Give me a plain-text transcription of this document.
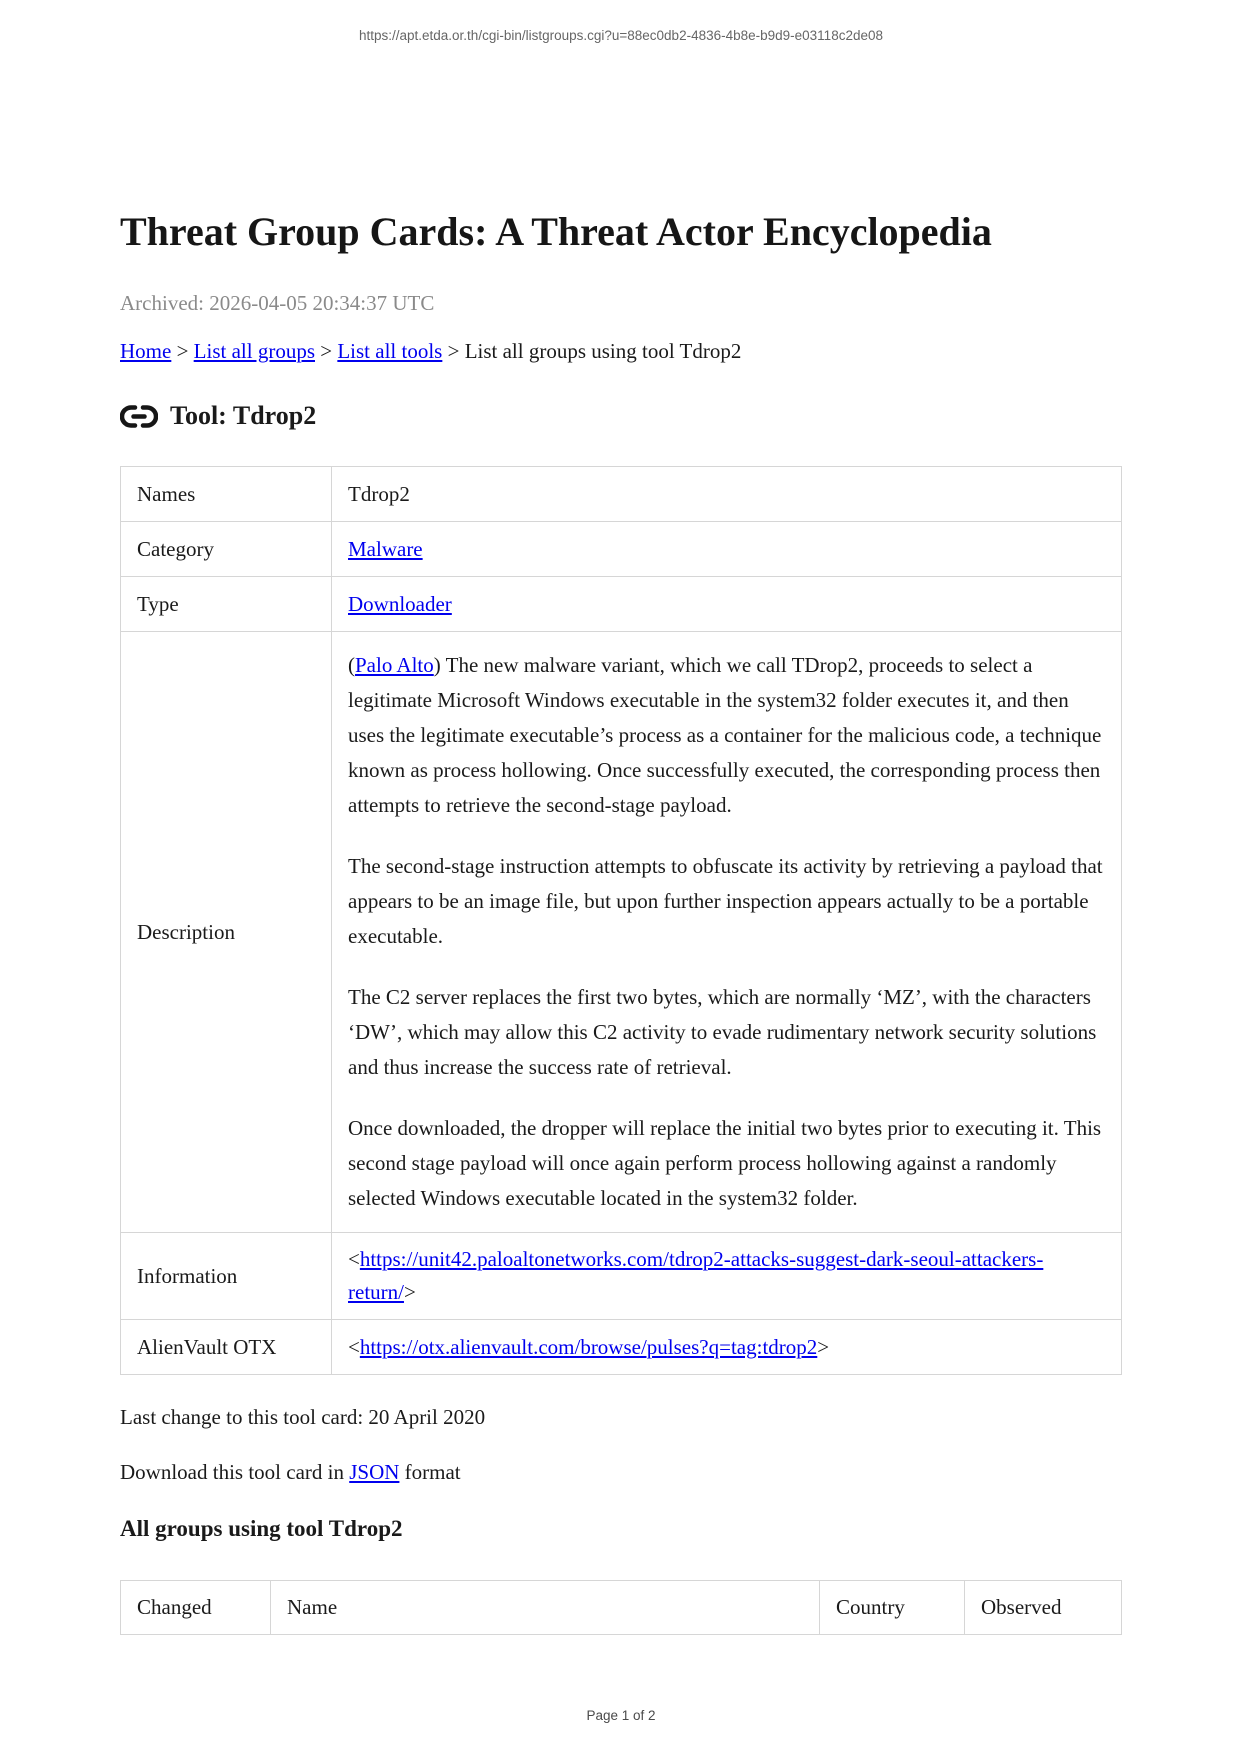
https://apt.etda.or.th/cgi-bin/listgroups.cgi?u=88ec0db2-4836-4b8e-b9d9-e03118c2de08
Threat Group Cards: A Threat Actor Encyclopedia
Archived: 2026-04-05 20:34:37 UTC
Home > List all groups > List all tools > List all groups using tool Tdrop2
Tool: Tdrop2
Names	Tdrop2
Category	Malware
Type	Downloader
Description	(Palo Alto) The new malware variant, which we call TDrop2, proceeds to select a legitimate Microsoft Windows executable in the system32 folder executes it, and then uses the legitimate executable’s process as a container for the malicious code, a technique known as process hollowing. Once successfully executed, the corresponding process then attempts to retrieve the second-stage payload.

The second-stage instruction attempts to obfuscate its activity by retrieving a payload that appears to be an image file, but upon further inspection appears actually to be a portable executable.

The C2 server replaces the first two bytes, which are normally ‘MZ’, with the characters ‘DW’, which may allow this C2 activity to evade rudimentary network security solutions and thus increase the success rate of retrieval.

Once downloaded, the dropper will replace the initial two bytes prior to executing it. This second stage payload will once again perform process hollowing against a randomly selected Windows executable located in the system32 folder.

Information	<https://unit42.paloaltonetworks.com/tdrop2-attacks-suggest-dark-seoul-attackers-return/>
AlienVault OTX	<https://otx.alienvault.com/browse/pulses?q=tag:tdrop2>
Last change to this tool card: 20 April 2020
Download this tool card in JSON format
All groups using tool Tdrop2
Changed	Name	Country	Observed
Page 1 of 2
